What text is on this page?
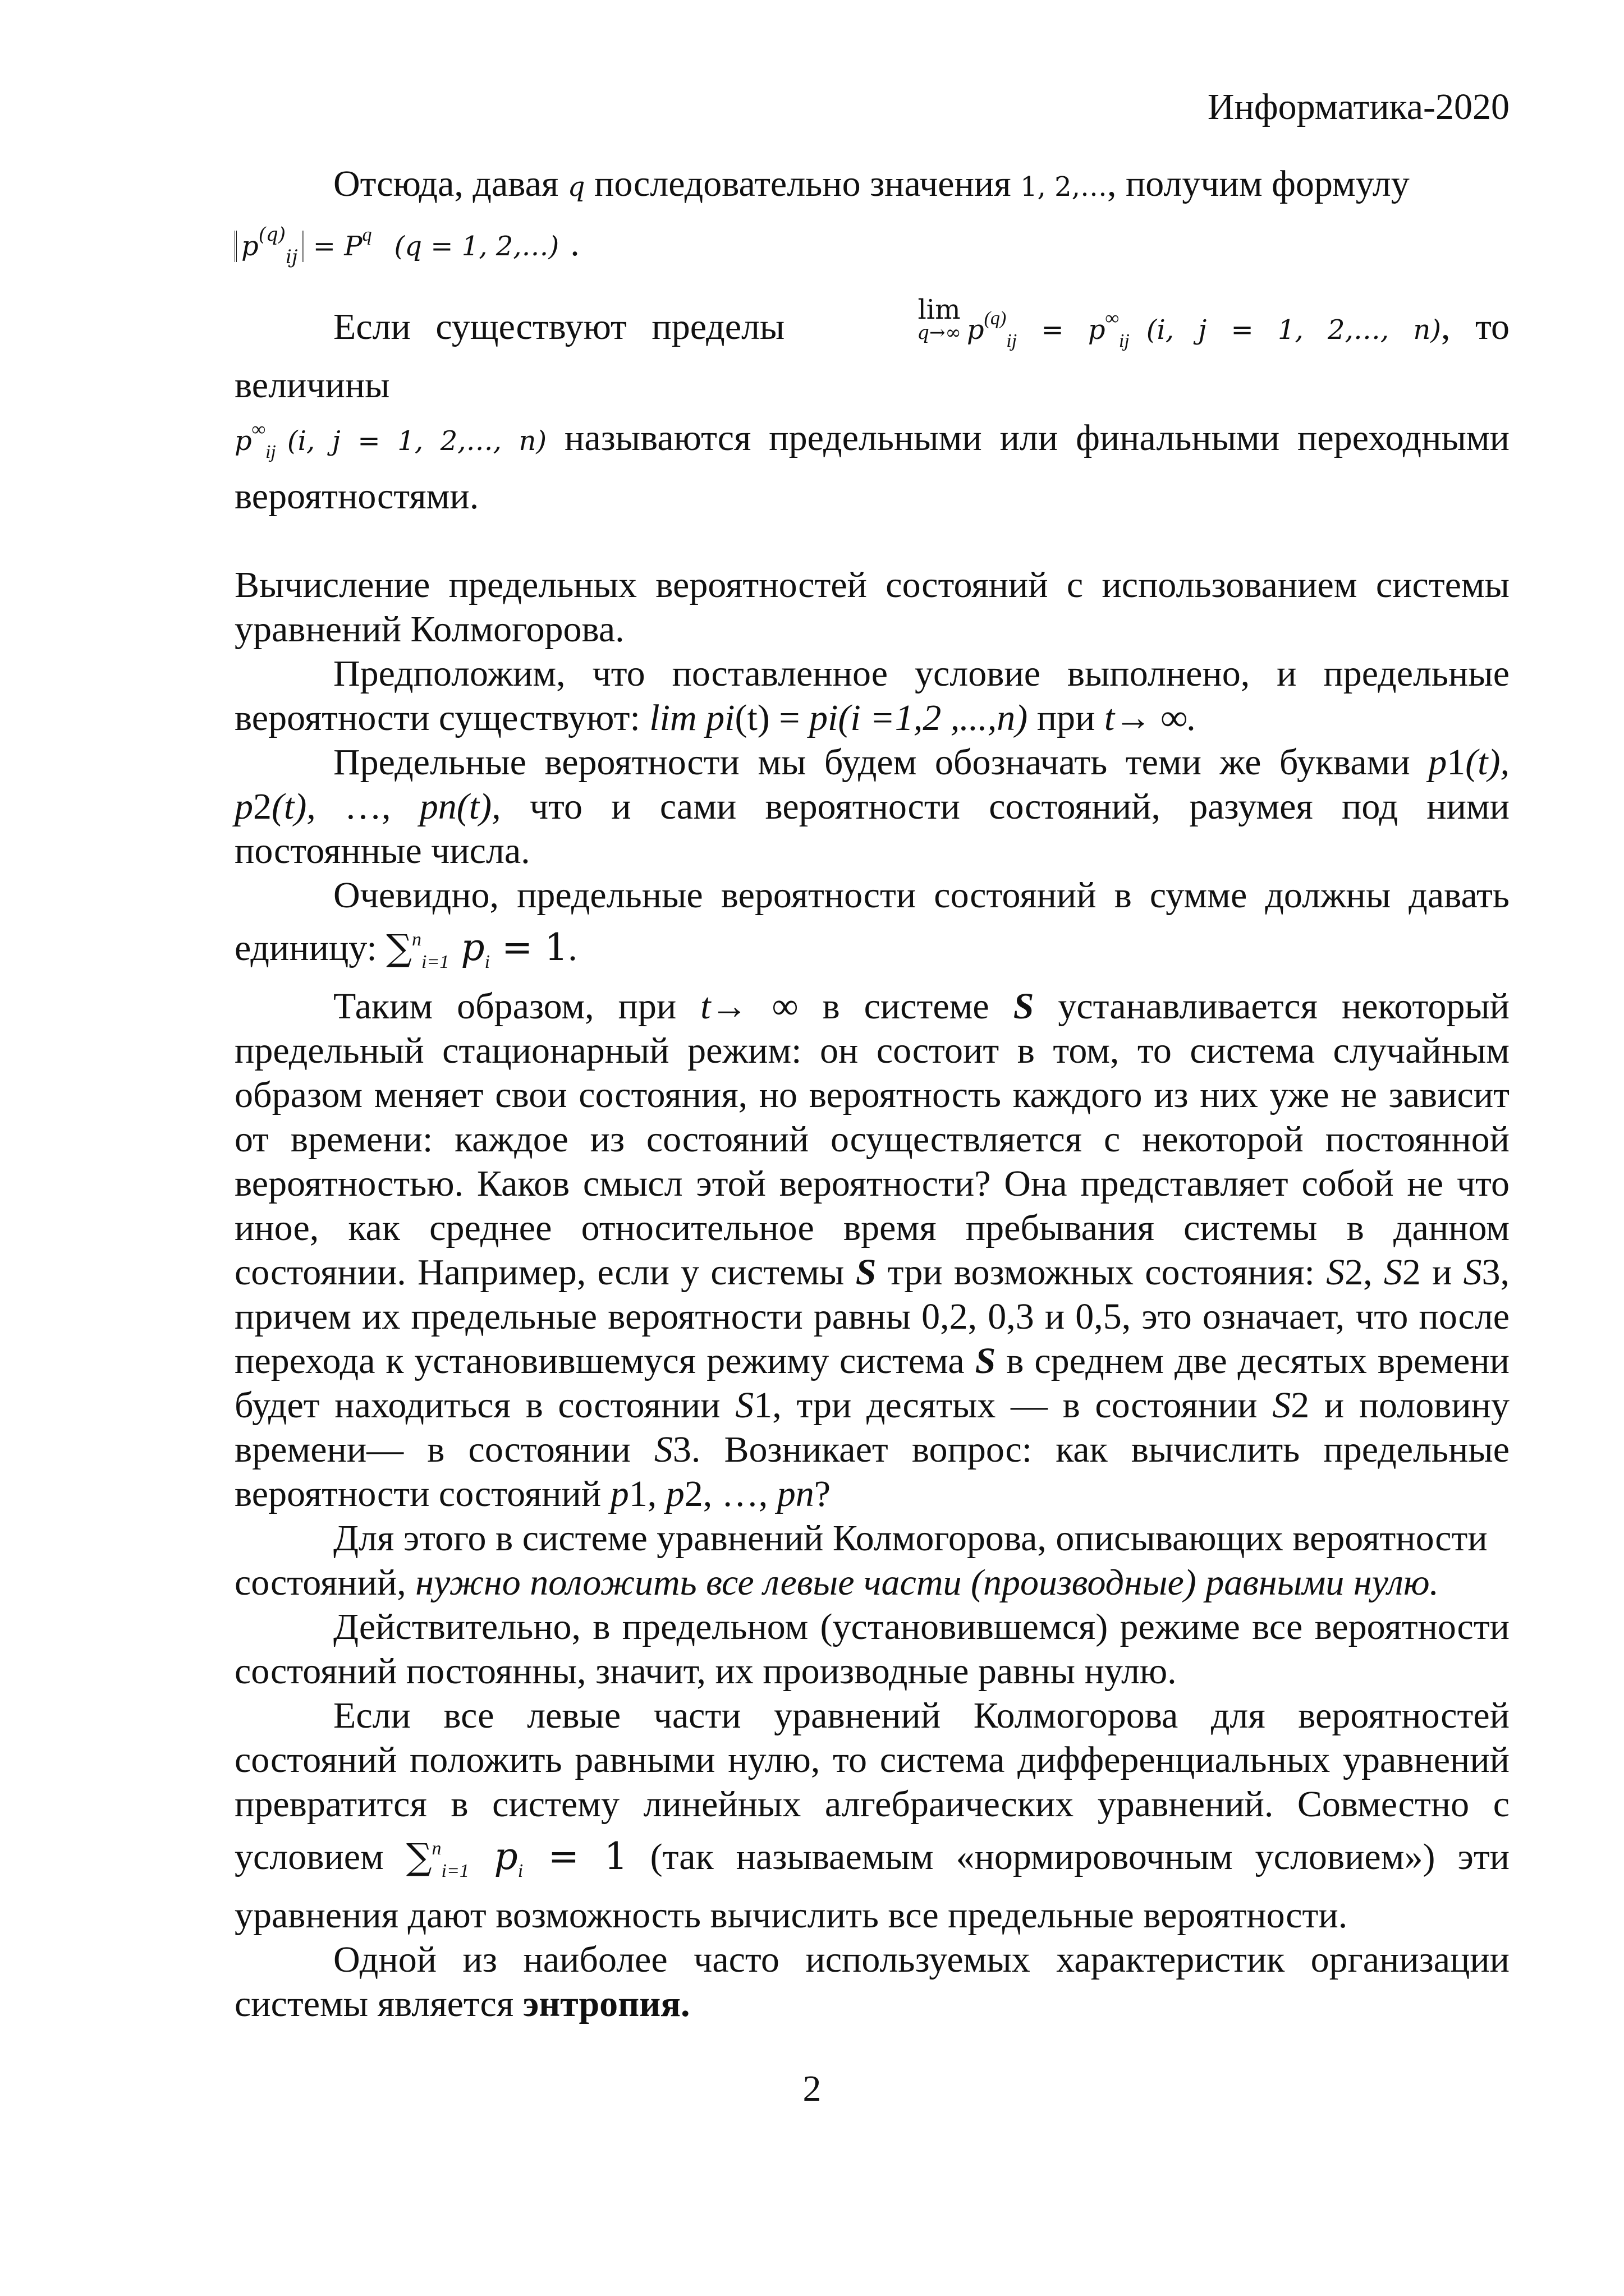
Информатика-2020

Отсюда, давая q последовательно значения 1, 2,…, получим формулу

$p^{(q)}_{ij} = P^q$ (q = 1, 2,…) .

Если существуют пределы	lim
q→∞ $p^{(q)}_{ij} = p^\infty_{ij}$ (i, j = 1, 2,…, n), то величины

$p^\infty_{ij}$ (i, j = 1, 2,…, n) называются предельными или финальными переходными вероятностями.

Вычисление предельных вероятностей состояний с использованием системы уравнений Колмогорова.

Предположим, что поставленное условие выполнено, и предельные вероятности существуют: lim pi(t) = pi(i =1,2 ,...,n) при t→ ∞.

Предельные вероятности мы будем обозначать теми же буквами p1(t), p2(t), …, pn(t), что и сами вероятности состояний, разумея под ними постоянные числа.

Очевидно, предельные вероятности состояний в сумме должны давать единицу: ∑$^n_{i=1}$ $p_i = 1$.

Таким образом, при t→ ∞ в системе S устанавливается некоторый предельный стационарный режим: он состоит в том, то система случайным образом меняет свои состояния, но вероятность каждого из них уже не зависит от времени: каждое из состояний осуществляется с некоторой постоянной вероятностью. Каков смысл этой вероятности? Она представляет собой не что иное, как среднее относительное время пребывания системы в данном состоянии. Например, если у системы S три возможных состояния: S2, S2 и S3, причем их предельные вероятности равны 0,2, 0,3 и 0,5, это означает, что после перехода к установившемуся режиму система S в среднем две десятых времени будет находиться в состоянии S1, три десятых — в состоянии S2 и половину времени— в состоянии S3. Возникает вопрос: как вычислить предельные вероятности состояний p1, p2, …, pn?

Для этого в системе уравнений Колмогорова, описывающих вероятности

состояний, нужно положить все левые части (производные) равными нулю.

Действительно, в предельном (установившемся) режиме все вероятности состояний постоянны, значит, их производные равны нулю.

Если все левые части уравнений Колмогорова для вероятностей состояний положить равными нулю, то система дифференциальных уравнений превратится в систему линейных алгебраических уравнений. Совместно с условием ∑$^n_{i=1}$ $p_i = 1$ (так называемым «нормировочным условием») эти уравнения дают возможность вычислить все предельные вероятности.

Одной из наиболее часто используемых характеристик организации системы является энтропия.

2
